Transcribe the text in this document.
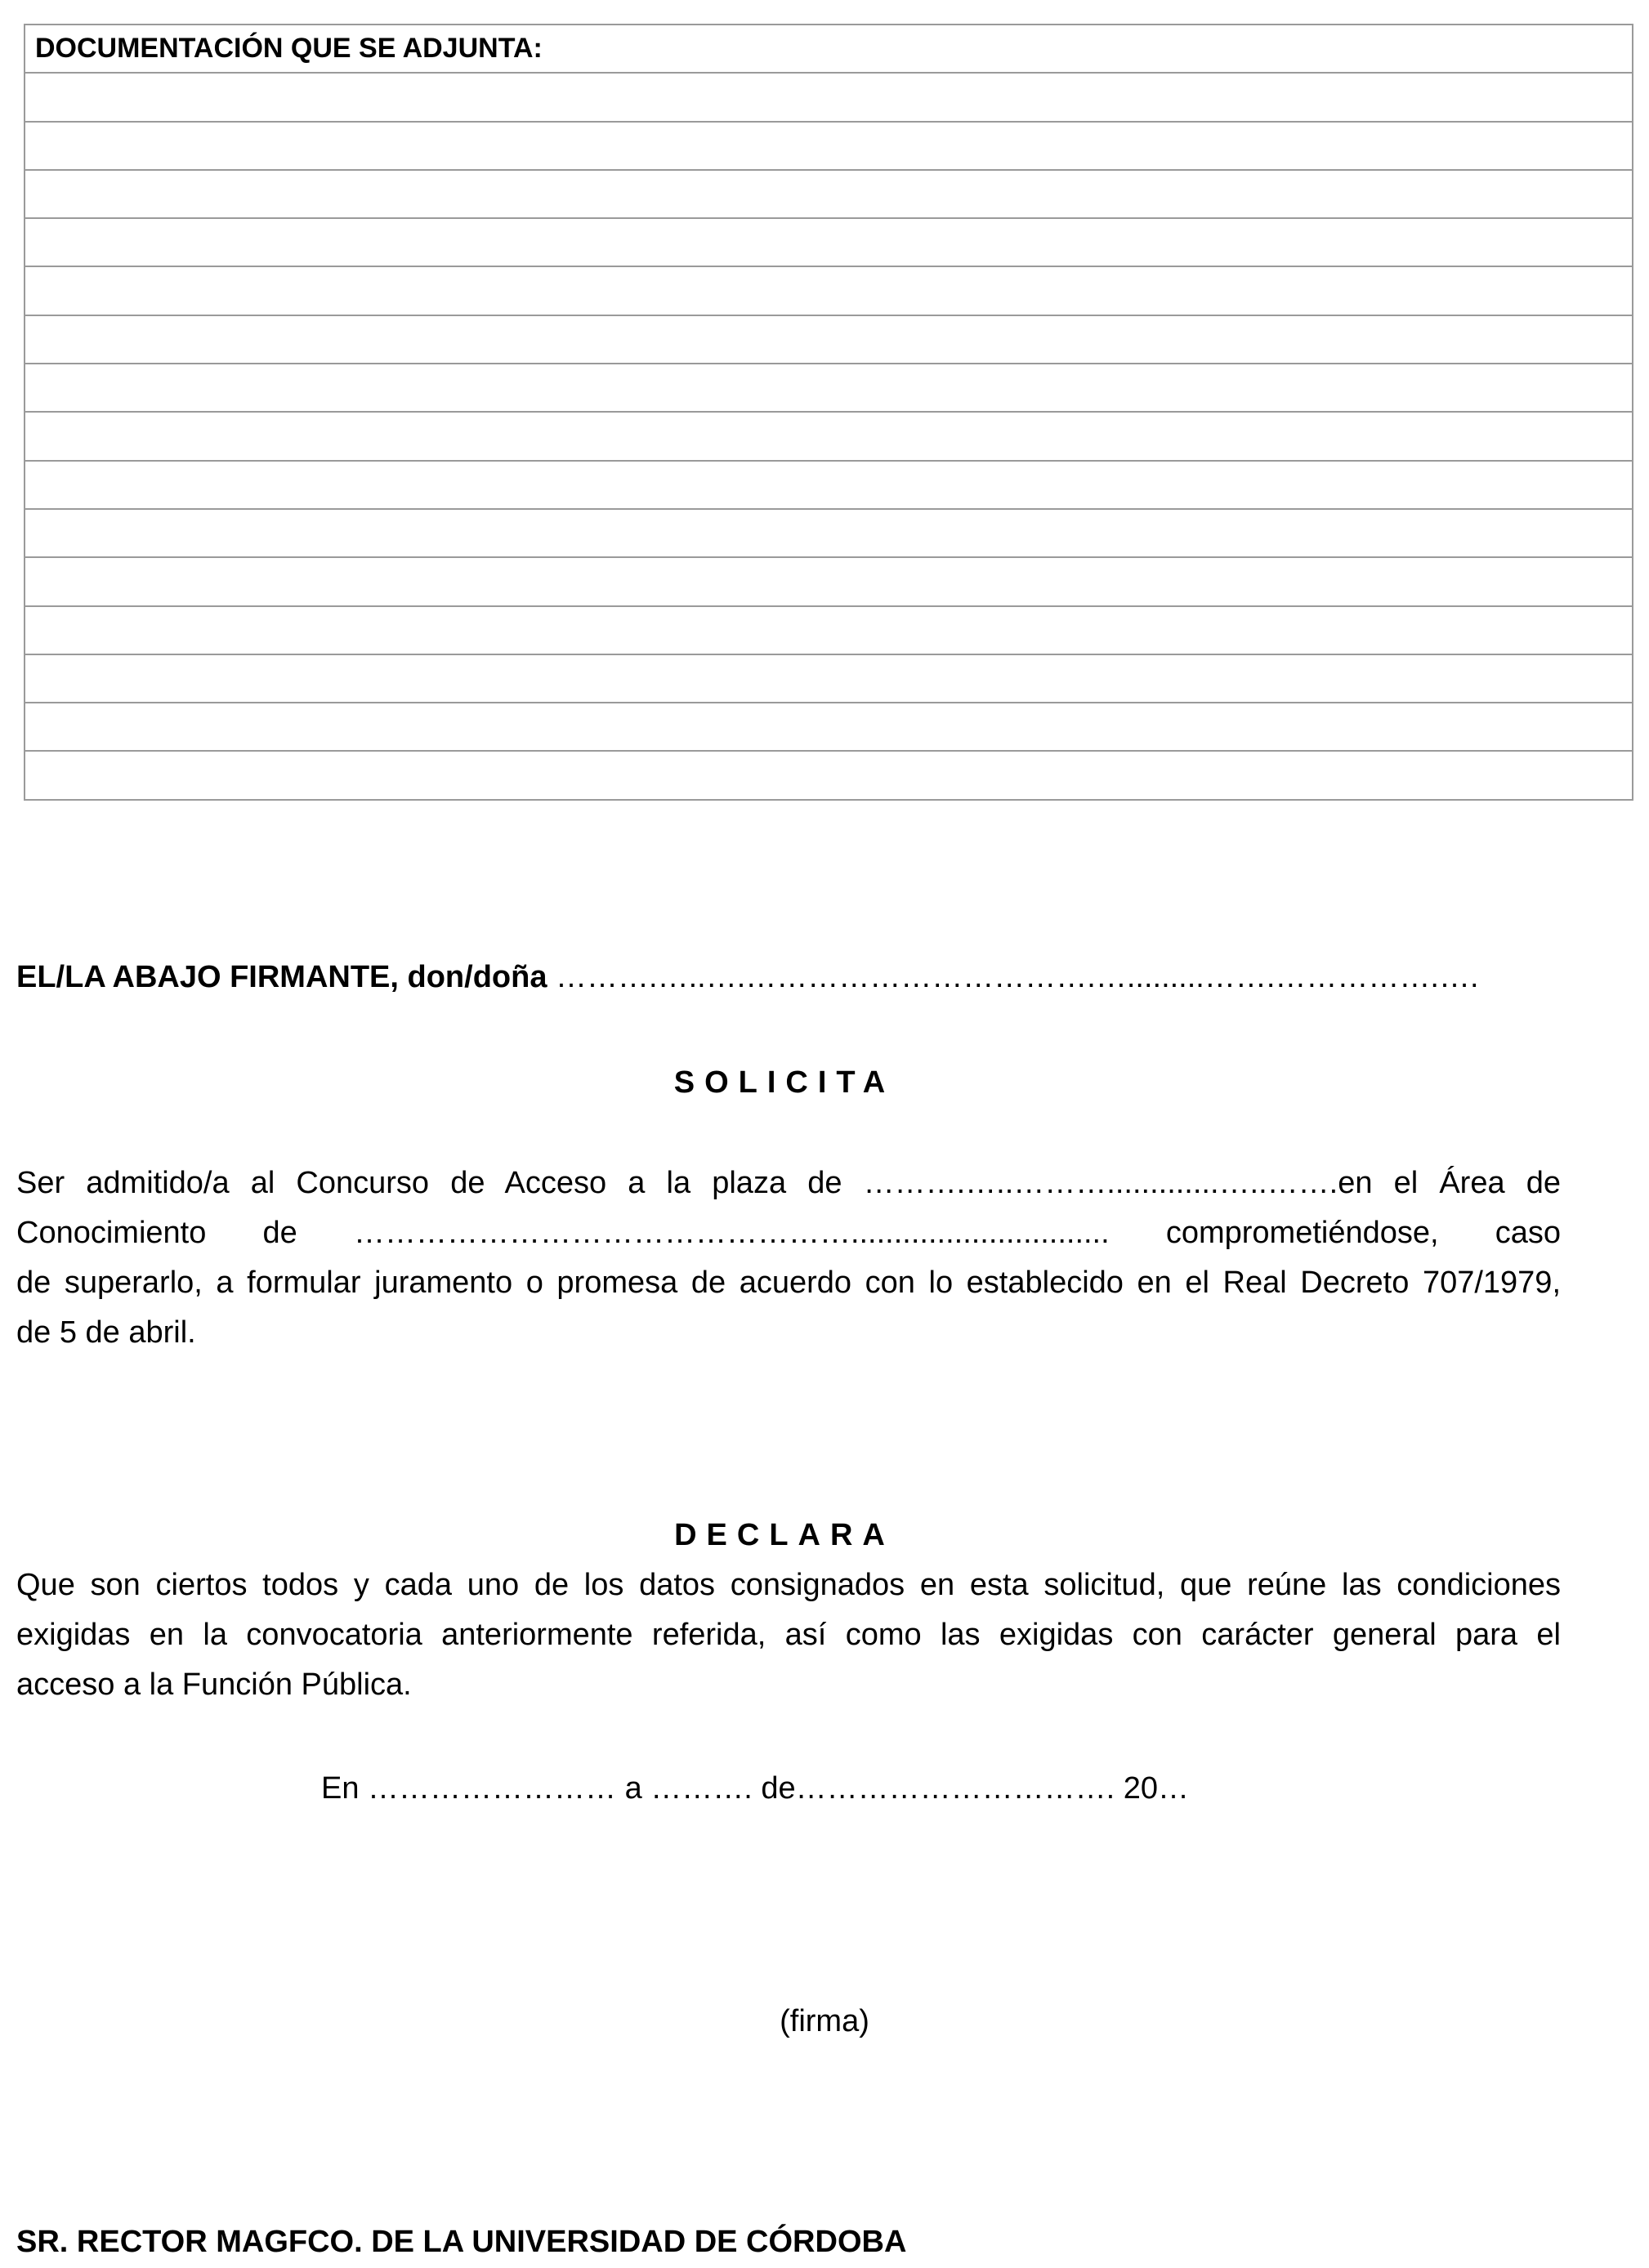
DOCUMENTACIÓN QUE SE ADJUNTA:

EL/LA ABAJO FIRMANTE, don/doña ……….…..….…………………………….….........…….…………….….
SOLICITA
Ser admitido/a al Concurso de Acceso a la plaza de ……….…..……….............…..…….en el Área de
Conocimiento de ………………………………………….............................. comprometiéndose, caso
de superarlo, a formular juramento o promesa de acuerdo con lo establecido en el Real Decreto 707/1979,
de 5 de abril.
DECLARA
Que son ciertos todos y cada uno de los datos consignados en esta solicitud, que reúne las condiciones
exigidas en la convocatoria anteriormente referida, así como las exigidas con carácter general para el
acceso a la Función Pública.
En …………………… a ………. de…………………………. 20…
(firma)
SR. RECTOR MAGFCO. DE LA UNIVERSIDAD DE CÓRDOBA
